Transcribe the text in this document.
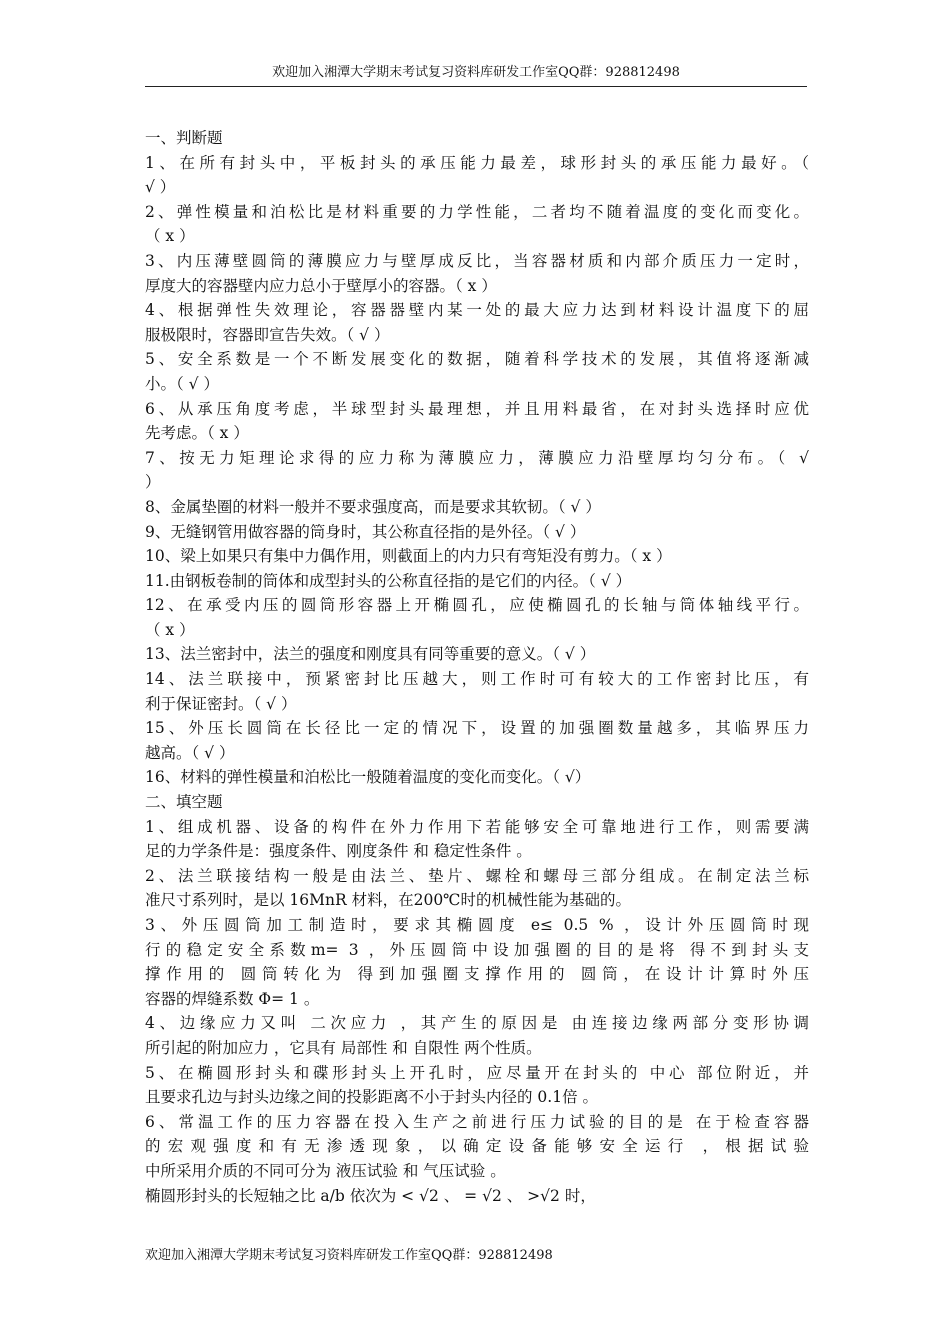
欢迎加入湘潭大学期末考试复习资料库研发工作室QQ群：928812498
一、判断题
1、在所有封头中，平板封头的承压能力最差，球形封头的承压能力最好。（
√ ）
2、弹性模量和泊松比是材料重要的力学性能，二者均不随着温度的变化而变化。
（ x ）
3、内压薄壁圆筒的薄膜应力与壁厚成反比，当容器材质和内部介质压力一定时，
厚度大的容器壁内应力总小于壁厚小的容器。（ x ）
4、根据弹性失效理论，容器器壁内某一处的最大应力达到材料设计温度下的屈
服极限时，容器即宣告失效。（ √ ）
5、安全系数是一个不断发展变化的数据，随着科学技术的发展，其值将逐渐减
小。（ √ ）
6、从承压角度考虑，半球型封头最理想，并且用料最省，在对封头选择时应优
先考虑。（ x ）
7、按无力矩理论求得的应力称为薄膜应力，薄膜应力沿壁厚均匀分布。（ √
）
8、金属垫圈的材料一般并不要求强度高，而是要求其软韧。（ √ ）
9、无缝钢管用做容器的筒身时，其公称直径指的是外径。（ √ ）
10、梁上如果只有集中力偶作用，则截面上的内力只有弯矩没有剪力。（ x ）
11.由钢板卷制的筒体和成型封头的公称直径指的是它们的内径。（ √ ）
12、在承受内压的圆筒形容器上开椭圆孔，应使椭圆孔的长轴与筒体轴线平行。
（ x ）
13、法兰密封中，法兰的强度和刚度具有同等重要的意义。（ √ ）
14、法兰联接中，预紧密封比压越大，则工作时可有较大的工作密封比压，有
利于保证密封。（ √ ）
15、外压长圆筒在长径比一定的情况下，设置的加强圈数量越多，其临界压力
越高。（ √ ）
16、材料的弹性模量和泊松比一般随着温度的变化而变化。（ √）
二、填空题
1、组成机器、设备的构件在外力作用下若能够安全可靠地进行工作，则需要满
足的力学条件是：强度条件、刚度条件 和 稳定性条件 。
2、法兰联接结构一般是由法兰、垫片、螺栓和螺母三部分组成。在制定法兰标
准尺寸系列时，是以 16MnR 材料，在200℃时的机械性能为基础的。
3、外压圆筒加工制造时，要求其椭圆度 e≤ 0.5 % ，设计外压圆筒时现
行的稳定安全系数m= 3 ，外压圆筒中设加强圈的目的是将 得不到封头支
撑作用的 圆筒转化为 得到加强圈支撑作用的 圆筒，在设计计算时外压
容器的焊缝系数 Φ= 1 。
4、边缘应力又叫 二次应力 ，其产生的原因是 由连接边缘两部分变形协调
所引起的附加应力 ，它具有 局部性 和 自限性 两个性质。
5、在椭圆形封头和碟形封头上开孔时，应尽量开在封头的 中心 部位附近，并
且要求孔边与封头边缘之间的投影距离不小于封头内径的 0.1倍 。
6、常温工作的压力容器在投入生产之前进行压力试验的目的是 在于检查容器
的宏观强度和有无渗透现象，以确定设备能够安全运行 ，根据试验
中所采用介质的不同可分为 液压试验 和 气压试验 。
椭圆形封头的长短轴之比 a/b 依次为 < √2 、 = √2 、 >√2 时，
欢迎加入湘潭大学期末考试复习资料库研发工作室QQ群：928812498
